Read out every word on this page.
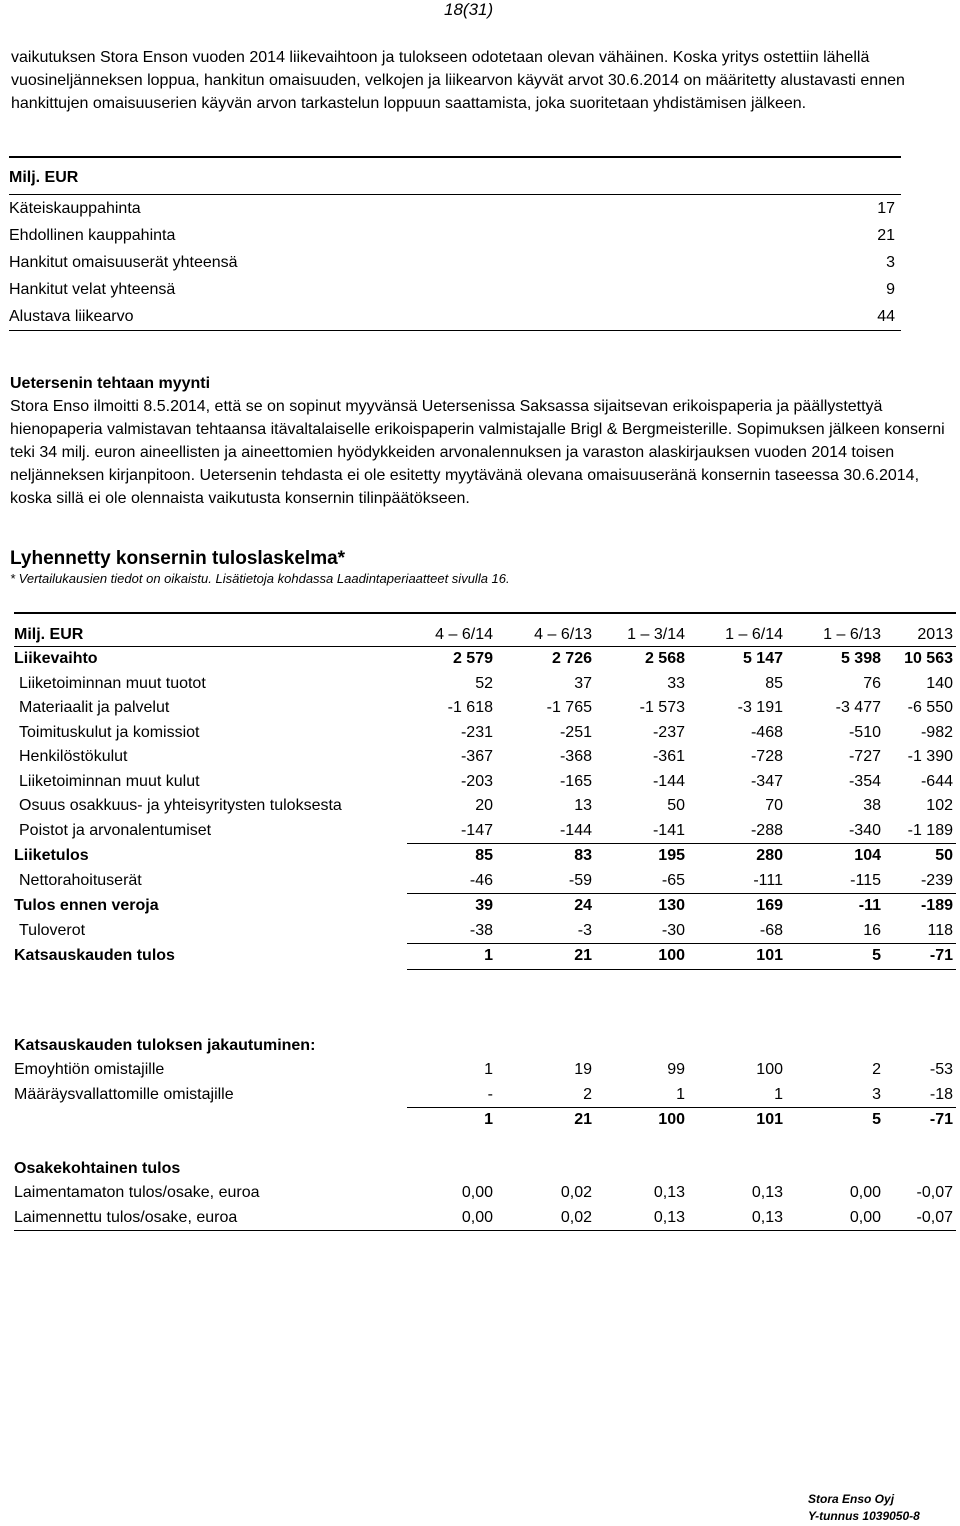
18(31)
vaikutuksen Stora Enson vuoden 2014 liikevaihtoon ja tulokseen odotetaan olevan vähäinen. Koska yritys ostettiin lähellä vuosineljänneksen loppua, hankitun omaisuuden, velkojen ja liikearvon käyvät arvot 30.6.2014 on määritetty alustavasti ennen hankittujen omaisuuserien käyvän arvon tarkastelun loppuun saattamista, joka suoritetaan yhdistämisen jälkeen.
Milj. EUR	
Käteiskauppahinta	17
Ehdollinen kauppahinta	21
Hankitut omaisuuserät yhteensä	3
Hankitut velat yhteensä	9
Alustava liikearvo	44
Uetersenin tehtaan myynti
Stora Enso ilmoitti 8.5.2014, että se on sopinut myyvänsä Uetersenissa Saksassa sijaitsevan erikoispaperia ja päällystettyä hienopaperia valmistavan tehtaansa itävaltalaiselle erikoispaperin valmistajalle Brigl & Bergmeisterille. Sopimuksen jälkeen konserni teki 34 milj. euron aineellisten ja aineettomien hyödykkeiden arvonalennuksen ja varaston alaskirjauksen vuoden 2014 toisen neljänneksen kirjanpitoon. Uetersenin tehdasta ei ole esitetty myytävänä olevana omaisuuseränä konsernin taseessa 30.6.2014, koska sillä ei ole olennaista vaikutusta konsernin tilinpäätökseen.
Lyhennetty konsernin tuloslaskelma*
* Vertailukausien tiedot on oikaistu. Lisätietoja kohdassa Laadintaperiaatteet sivulla 16.
Milj. EUR	4 – 6/14	4 – 6/13	1 – 3/14	1 – 6/14	1 – 6/13	2013
Liikevaihto	2 579	2 726	2 568	5 147	5 398	10 563
Liiketoiminnan muut tuotot	52	37	33	85	76	140
Materiaalit ja palvelut	-1 618	-1 765	-1 573	-3 191	-3 477	-6 550
Toimituskulut ja komissiot	-231	-251	-237	-468	-510	-982
Henkilöstökulut	-367	-368	-361	-728	-727	-1 390
Liiketoiminnan muut kulut	-203	-165	-144	-347	-354	-644
Osuus osakkuus- ja yhteisyritysten tuloksesta	20	13	50	70	38	102
Poistot ja arvonalentumiset	-147	-144	-141	-288	-340	-1 189
Liiketulos	85	83	195	280	104	50
Nettorahoituserät	-46	-59	-65	-111	-115	-239
Tulos ennen veroja	39	24	130	169	-11	-189
Tuloverot	-38	-3	-30	-68	16	118
Katsauskauden tulos	1	21	100	101	5	-71

Katsauskauden tuloksen jakautuminen:						
Emoyhtiön omistajille	1	19	99	100	2	-53
Määräysvallattomille omistajille	-	2	1	1	3	-18
	1	21	100	101	5	-71

Osakekohtainen tulos						
Laimentamaton tulos/osake, euroa	0,00	0,02	0,13	0,13	0,00	-0,07
Laimennettu tulos/osake, euroa	0,00	0,02	0,13	0,13	0,00	-0,07
Stora Enso Oyj
Y-tunnus 1039050-8
